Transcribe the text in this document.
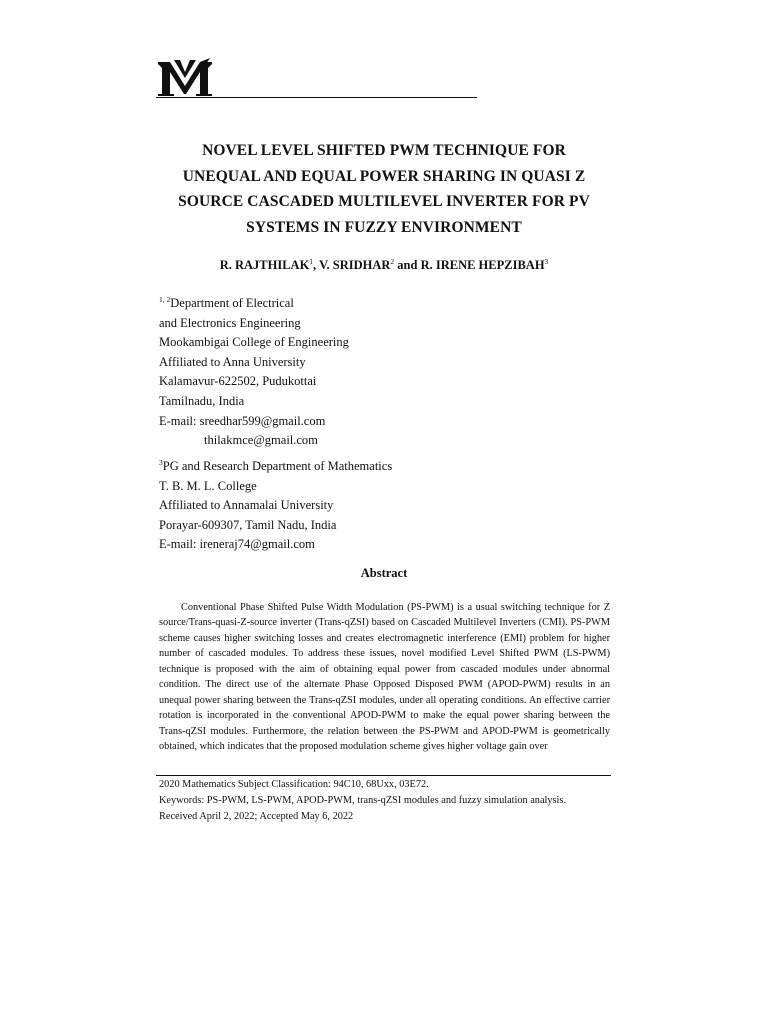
NOVEL LEVEL SHIFTED PWM TECHNIQUE FOR
UNEQUAL AND EQUAL POWER SHARING IN QUASI Z
SOURCE CASCADED MULTILEVEL INVERTER FOR PV
SYSTEMS IN FUZZY ENVIRONMENT
R. RAJTHILAK$^1$, V. SRIDHAR$^2$ and R. IRENE HEPZIBAH$^3$
$^{1, 2}$Department of Electrical
and Electronics Engineering
Mookambigai College of Engineering
Affiliated to Anna University
Kalamavur-622502, Pudukottai
Tamilnadu, India
E-mail: sreedhar599@gmail.com
thilakmce@gmail.com
$^3$PG and Research Department of Mathematics
T. B. M. L. College
Affiliated to Annamalai University
Porayar-609307, Tamil Nadu, India
E-mail: ireneraj74@gmail.com
Abstract
Conventional Phase Shifted Pulse Width Modulation (PS-PWM) is a usual switching technique for Z source/Trans-quasi-Z-source inverter (Trans-qZSI) based on Cascaded Multilevel Inverters (CMI). PS-PWM scheme causes higher switching losses and creates electromagnetic interference (EMI) problem for higher number of cascaded modules. To address these issues, novel modified Level Shifted PWM (LS-PWM) technique is proposed with the aim of obtaining equal power from cascaded modules under abnormal condition. The direct use of the alternate Phase Opposed Disposed PWM (APOD-PWM) results in an unequal power sharing between the Trans-qZSI modules, under all operating conditions. An effective carrier rotation is incorporated in the conventional APOD-PWM to make the equal power sharing between the Trans-qZSI modules. Furthermore, the relation between the PS-PWM and APOD-PWM is geometrically obtained, which indicates that the proposed modulation scheme gives higher voltage gain over
2020 Mathematics Subject Classification: 94C10, 68Uxx, 03E72.
Keywords: PS-PWM, LS-PWM, APOD-PWM, trans-qZSI modules and fuzzy simulation analysis.
Received April 2, 2022; Accepted May 6, 2022
